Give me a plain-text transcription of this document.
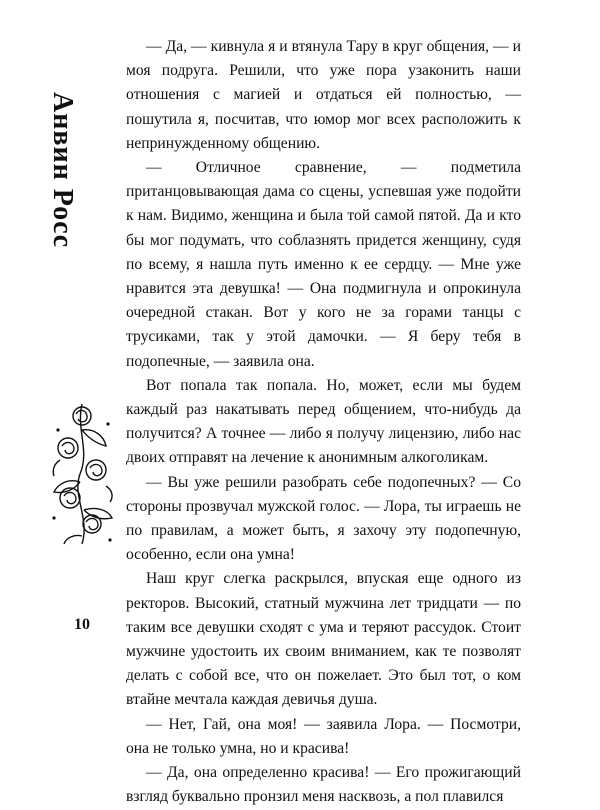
Анвин Росс
10

— Да, — кивнула я и втянула Тару в круг общения, — и моя подруга. Решили, что уже пора узаконить наши отношения с магией и отдаться ей полностью, — пошутила я, посчитав, что юмор мог всех расположить к непринужденному общению.

— Отличное сравнение, — подметила пританцовывающая дама со сцены, успевшая уже подойти к нам. Видимо, женщина и была той самой пятой. Да и кто бы мог подумать, что соблазнять придется женщину, судя по всему, я нашла путь именно к ее сердцу. — Мне уже нравится эта девушка! — Она подмигнула и опрокинула очередной стакан. Вот у кого не за горами танцы с трусиками, так у этой дамочки. — Я беру тебя в подопечные, — заявила она.

Вот попала так попала. Но, может, если мы будем каждый раз накатывать перед общением, что-нибудь да получится? А точнее — либо я получу лицензию, либо нас двоих отправят на лечение к анонимным алкоголикам.

— Вы уже решили разобрать себе подопечных? — Со стороны прозвучал мужской голос. — Лора, ты играешь не по правилам, а может быть, я захочу эту подопечную, особенно, если она умна!

Наш круг слегка раскрылся, впуская еще одного из ректоров. Высокий, статный мужчина лет тридцати — по таким все девушки сходят с ума и теряют рассудок. Стоит мужчине удостоить их своим вниманием, как те позволят делать с собой все, что он пожелает. Это был тот, о ком втайне мечтала каждая девичья душа.

— Нет, Гай, она моя! — заявила Лора. — Посмотри, она не только умна, но и красива!

— Да, она определенно красива! — Его прожигающий взгляд буквально пронзил меня насквозь, а пол плавился
